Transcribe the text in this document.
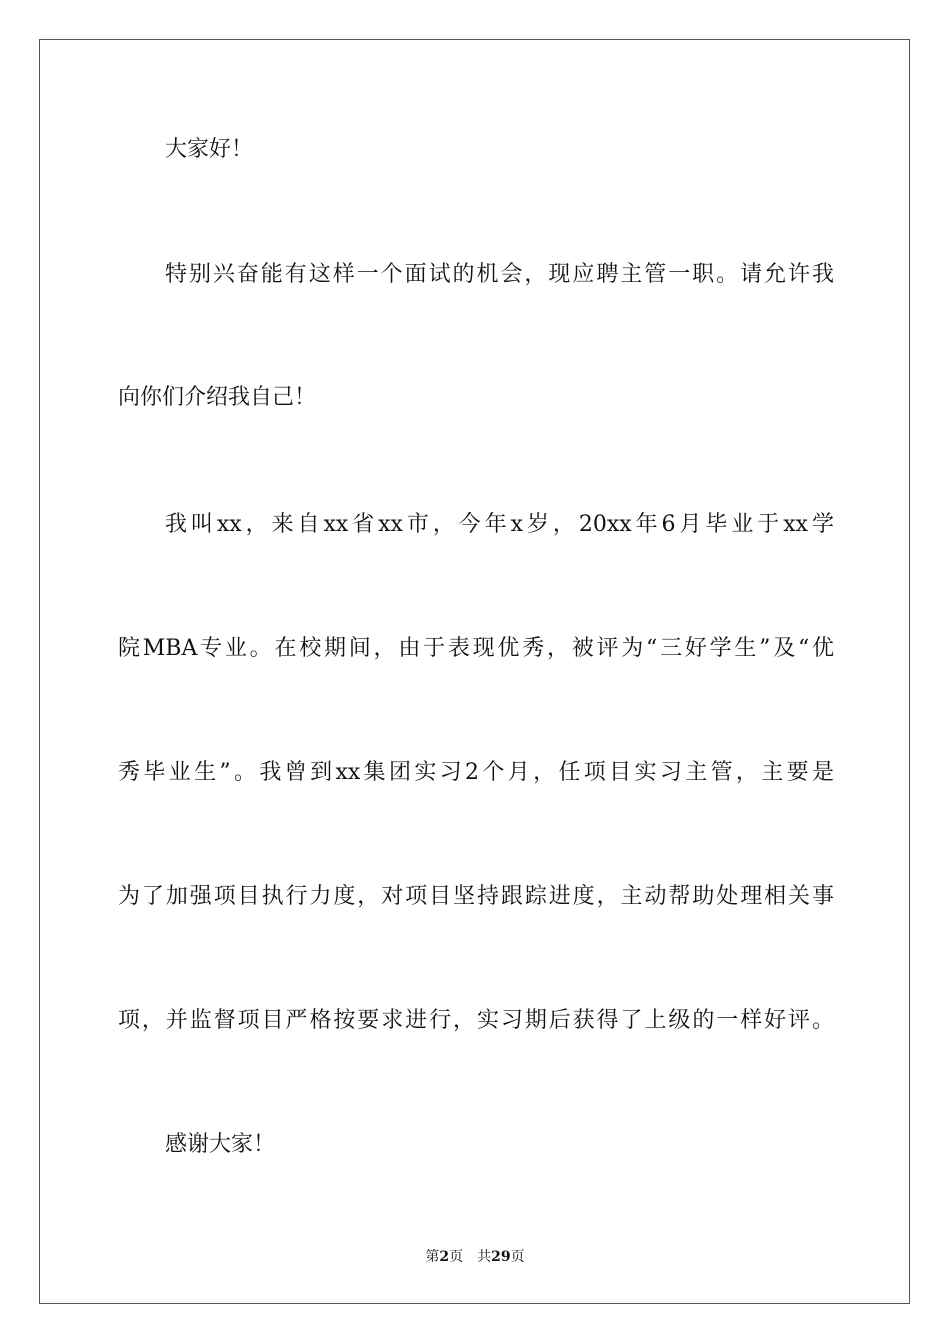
大家好！
特别兴奋能有这样一个面试的机会，现应聘主管一职。请允许我
向你们介绍我自己！
我叫xx，来自xx省xx市，今年x岁，20xx年6月毕业于xx学
院MBA专业。在校期间，由于表现优秀，被评为“三好学生”及“优
秀毕业生”。我曾到xx集团实习2个月，任项目实习主管，主要是
为了加强项目执行力度，对项目坚持跟踪进度，主动帮助处理相关事
项，并监督项目严格按要求进行，实习期后获得了上级的一样好评。
感谢大家！
第2页 共29页
